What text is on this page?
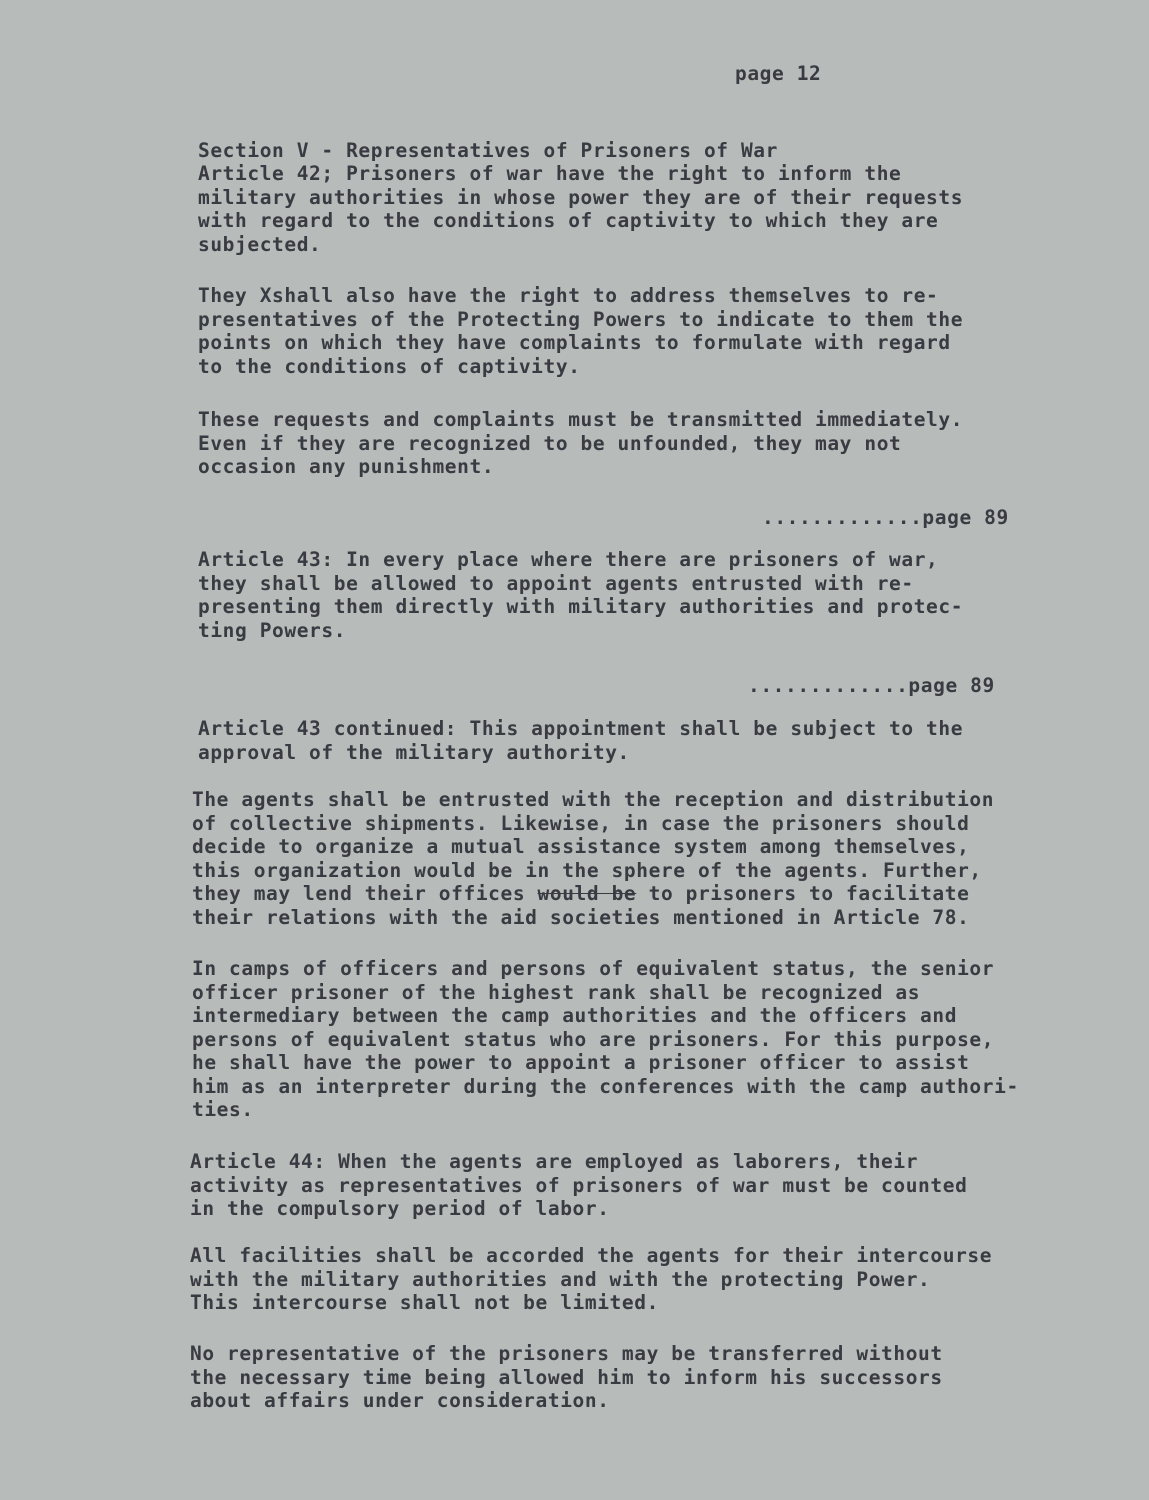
page 12

Section V - Representatives of Prisoners of War

Article 42; Prisoners of war have the right to inform the
military authorities in whose power they are of their requests
with regard to the conditions of captivity to which they are
subjected.
They Xshall also have the right to address themselves to re-
presentatives of the Protecting Powers to indicate to them the
points on which they have complaints to formulate with regard
to the conditions of captivity.
These requests and complaints must be transmitted immediately.
Even if they are recognized to be unfounded, they may not
occasion any punishment.

.............page 89

Article 43: In every place where there are prisoners of war,
they shall be allowed to appoint agents entrusted with re-
presenting them directly with military authorities and protec-
ting Powers.

.............page 89

Article 43 continued: This appointment shall be subject to the
approval of the military authority.
The agents shall be entrusted with the reception and distribution
of collective shipments. Likewise, in case the prisoners should
decide to organize a mutual assistance system among themselves,
this organization would be in the sphere of the agents. Further,
they may lend their offices would be to prisoners to facilitate
their relations with the aid societies mentioned in Article 78.
In camps of officers and persons of equivalent status, the senior
officer prisoner of the highest rank shall be recognized as
intermediary between the camp authorities and the officers and
persons of equivalent status who are prisoners. For this purpose,
he shall have the power to appoint a prisoner officer to assist
him as an interpreter during the conferences with the camp authori-
ties.
Article 44: When the agents are employed as laborers, their
activity as representatives of prisoners of war must be counted
in the compulsory period of labor.
All facilities shall be accorded the agents for their intercourse
with the military authorities and with the protecting Power.
This intercourse shall not be limited.
No representative of the prisoners may be transferred without
the necessary time being allowed him to inform his successors
about affairs under consideration.
